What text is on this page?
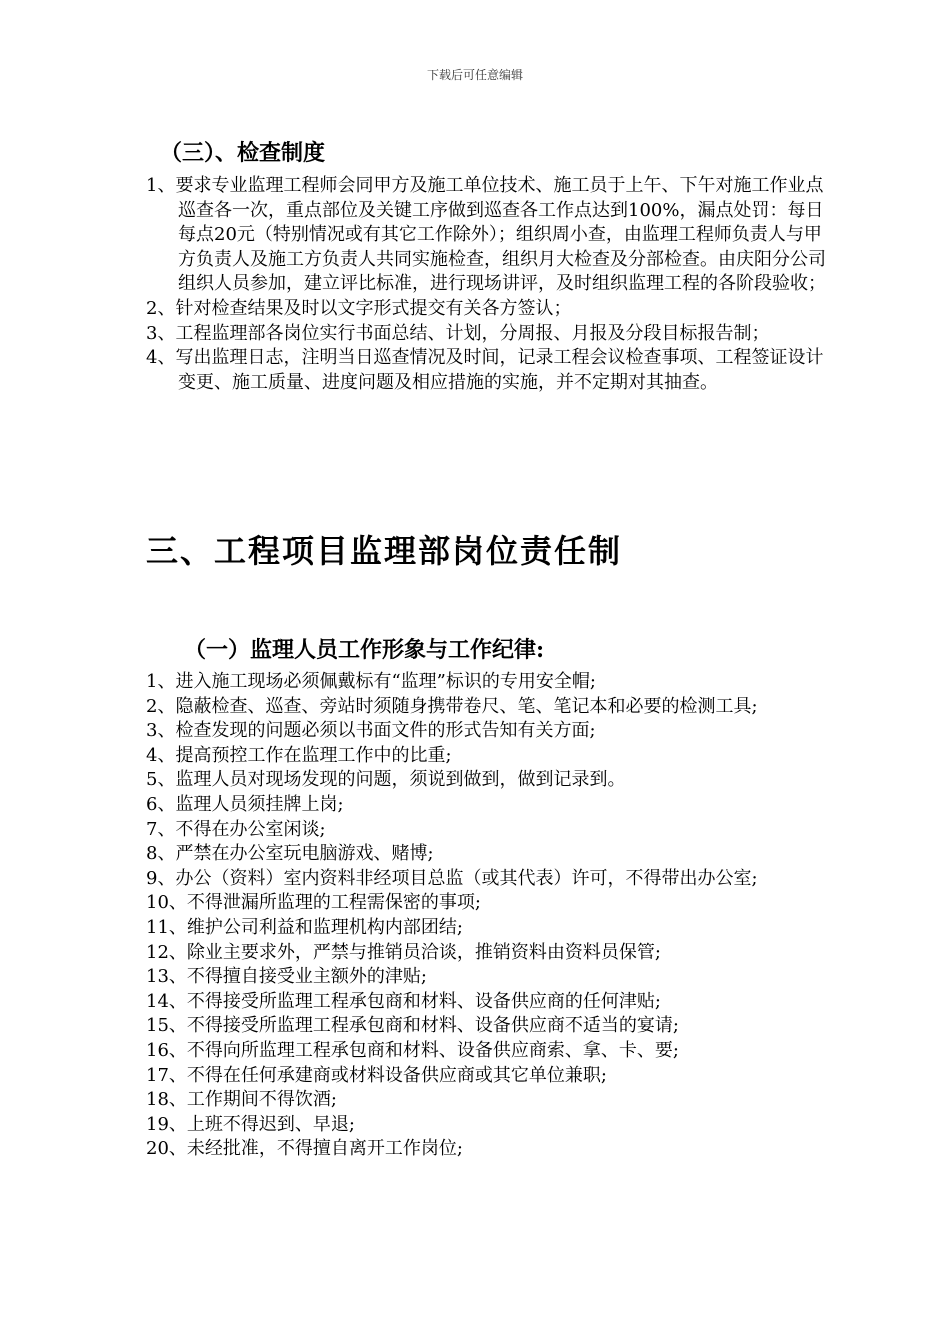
下载后可任意编辑
（三）、检查制度
1、要求专业监理工程师会同甲方及施工单位技术、施工员于上午、下午对施工作业点巡查各一次，重点部位及关键工序做到巡查各工作点达到100%，漏点处罚：每日每点20元（特别情况或有其它工作除外）；组织周小查，由监理工程师负责人与甲方负责人及施工方负责人共同实施检查，组织月大检查及分部检查。由庆阳分公司组织人员参加，建立评比标准，进行现场讲评，及时组织监理工程的各阶段验收；
2、针对检查结果及时以文字形式提交有关各方签认；
3、工程监理部各岗位实行书面总结、计划，分周报、月报及分段目标报告制；
4、写出监理日志，注明当日巡查情况及时间，记录工程会议检查事项、工程签证设计变更、施工质量、进度问题及相应措施的实施，并不定期对其抽查。
三、工程项目监理部岗位责任制
（一）监理人员工作形象与工作纪律:
1、进入施工现场必须佩戴标有“监理”标识的专用安全帽;
2、隐蔽检查、巡查、旁站时须随身携带卷尺、笔、笔记本和必要的检测工具;
3、检查发现的问题必须以书面文件的形式告知有关方面;
4、提高预控工作在监理工作中的比重;
5、监理人员对现场发现的问题，须说到做到，做到记录到。
6、监理人员须挂牌上岗;
7、不得在办公室闲谈;
8、严禁在办公室玩电脑游戏、赌博;
9、办公（资料）室内资料非经项目总监（或其代表）许可，不得带出办公室;
10、不得泄漏所监理的工程需保密的事项;
11、维护公司利益和监理机构内部团结;
12、除业主要求外，严禁与推销员洽谈，推销资料由资料员保管;
13、不得擅自接受业主额外的津贴;
14、不得接受所监理工程承包商和材料、设备供应商的任何津贴;
15、不得接受所监理工程承包商和材料、设备供应商不适当的宴请;
16、不得向所监理工程承包商和材料、设备供应商索、拿、卡、要;
17、不得在任何承建商或材料设备供应商或其它单位兼职;
18、工作期间不得饮酒;
19、上班不得迟到、早退;
20、未经批准，不得擅自离开工作岗位;
